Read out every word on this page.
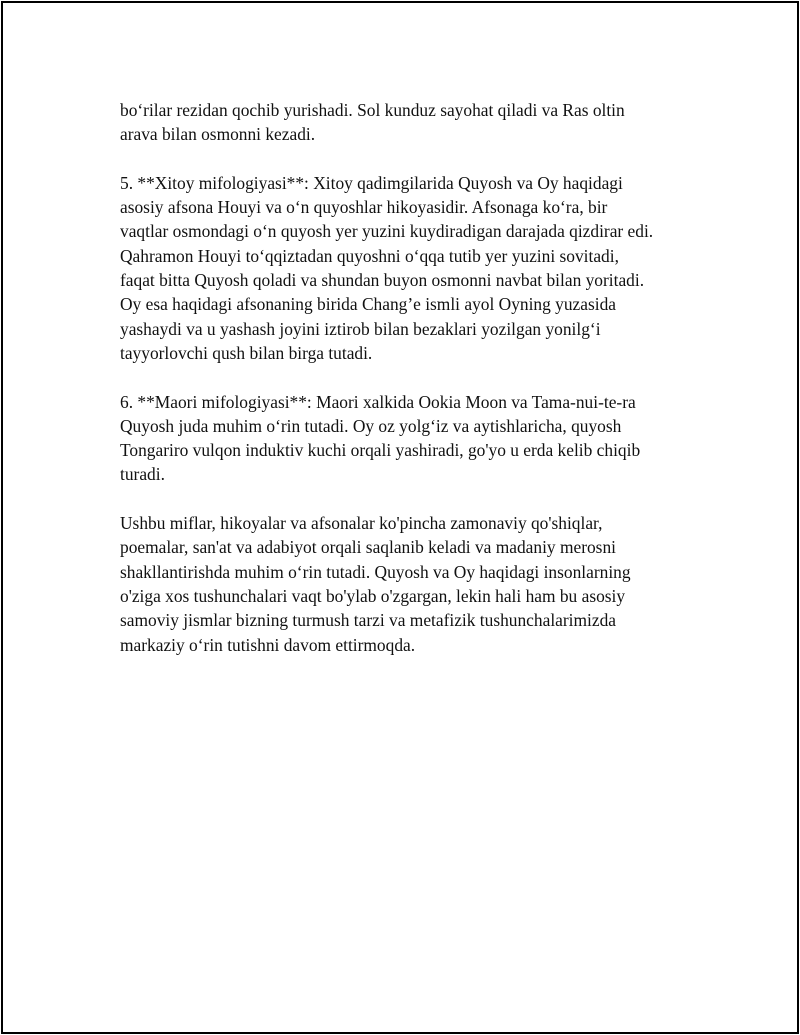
bo‘rilar rezidan qochib yurishadi. Sol kunduz sayohat qiladi va Ras oltin
arava bilan osmonni kezadi.

5. **Xitoy mifologiyasi**: Xitoy qadimgilarida Quyosh va Oy haqidagi
asosiy afsona Houyi va o‘n quyoshlar hikoyasidir. Afsonaga ko‘ra, bir
vaqtlar osmondagi o‘n quyosh yer yuzini kuydiradigan darajada qizdirar edi.
Qahramon Houyi to‘qqiztadan quyoshni o‘qqa tutib yer yuzini sovitadi,
faqat bitta Quyosh qoladi va shundan buyon osmonni navbat bilan yoritadi.
Oy esa haqidagi afsonaning birida Chang’e ismli ayol Oyning yuzasida
yashaydi va u yashash joyini iztirob bilan bezaklari yozilgan yonilg‘i
tayyorlovchi qush bilan birga tutadi.

6. **Maori mifologiyasi**: Maori xalkida Ookia Moon va Tama-nui-te-ra
Quyosh juda muhim o‘rin tutadi. Oy oz yolg‘iz va aytishlaricha, quyosh
Tongariro vulqon induktiv kuchi orqali yashiradi, go'yo u erda kelib chiqib
turadi.

Ushbu miflar, hikoyalar va afsonalar ko'pincha zamonaviy qo'shiqlar,
poemalar, san'at va adabiyot orqali saqlanib keladi va madaniy merosni
shakllantirishda muhim o‘rin tutadi. Quyosh va Oy haqidagi insonlarning
o'ziga xos tushunchalari vaqt bo'ylab o'zgargan, lekin hali ham bu asosiy
samoviy jismlar bizning turmush tarzi va metafizik tushunchalarimizda
markaziy o‘rin tutishni davom ettirmoqda.
